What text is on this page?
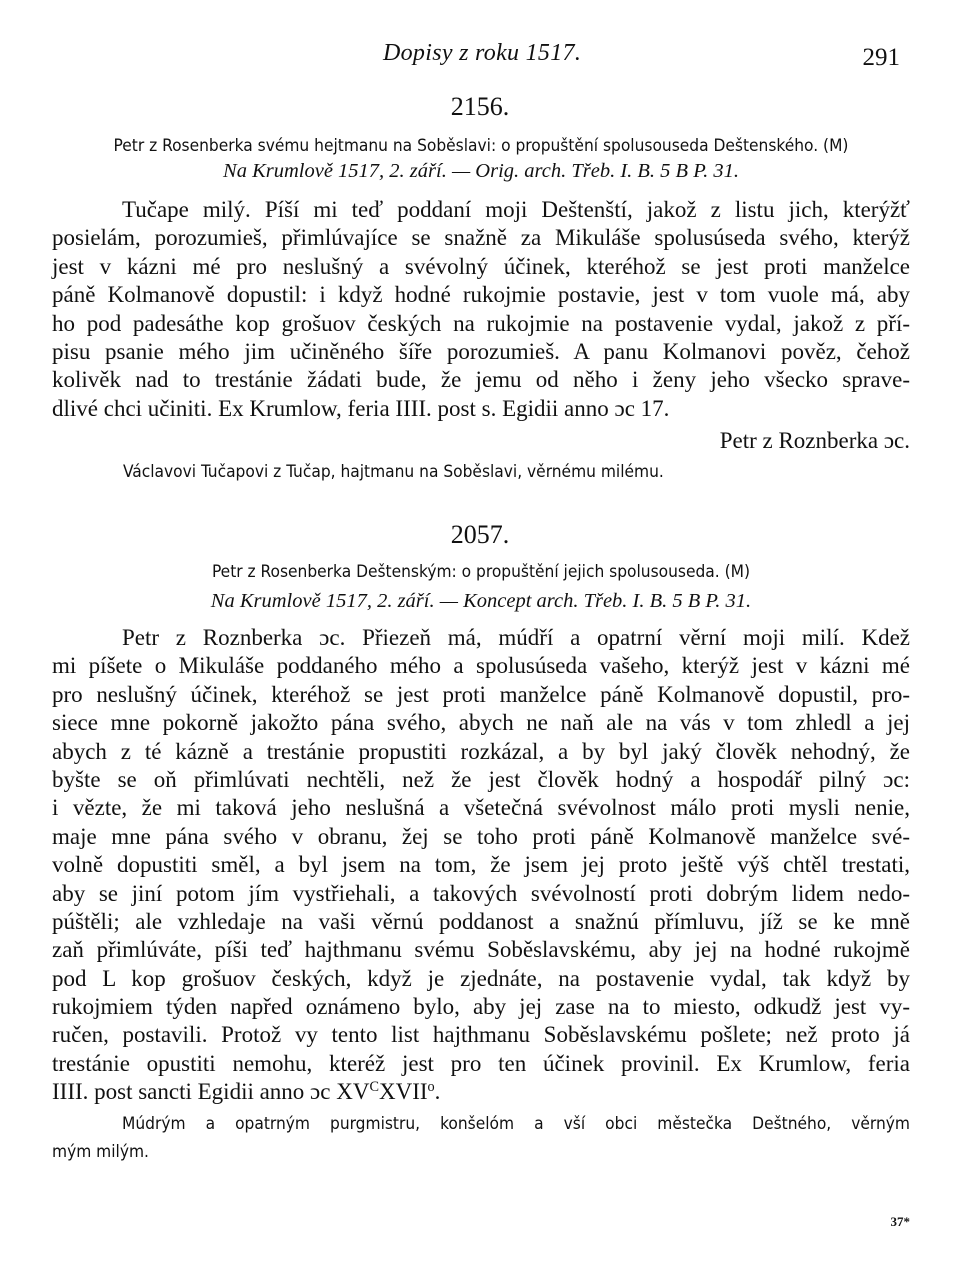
Dopisy z roku 1517.	291
2156.
Petr z Rosenberka svému hejtmanu na Soběslavi: o propuštění spolusouseda Deštenského. (M)
Na Krumlově 1517, 2. září. — Orig. arch. Třeb. I. B. 5 B P. 31.
Tučape milý. Píší mi teď poddaní moji Deštenští, jakož z listu jich, kterýžť
posielám, porozumieš, přimlúvajíce se snažně za Mikuláše spolusúseda svého, kterýž
jest v kázni mé pro neslušný a svévolný účinek, kteréhož se jest proti manželce
páně Kolmanově dopustil: i když hodné rukojmie postavie, jest v tom vuole má, aby
ho pod padesáthe kop grošuov českých na rukojmie na postavenie vydal, jakož z pří-
pisu psanie mého jim učiněného šíře porozumieš. A panu Kolmanovi pověz, čehož
kolivěk nad to trestánie žádati bude, že jemu od něho i ženy jeho všecko sprave-
dlivé chci učiniti. Ex Krumlow, feria IIII. post s. Egidii anno ɔc 17.
Petr z Roznberka ɔc.
Václavovi Tučapovi z Tučap, hajtmanu na Soběslavi, věrnému milému.
2057.
Petr z Rosenberka Deštenským: o propuštění jejich spolusouseda. (M)
Na Krumlově 1517, 2. září. — Koncept arch. Třeb. I. B. 5 B P. 31.
Petr z Roznberka ɔc. Přiezeň má, múdří a opatrní věrní moji milí. Kdež
mi píšete o Mikuláše poddaného mého a spolusúseda vašeho, kterýž jest v kázni mé
pro neslušný účinek, kteréhož se jest proti manželce páně Kolmanově dopustil, pro-
siece mne pokorně jakožto pána svého, abych ne naň ale na vás v tom zhledl a jej
abych z té kázně a trestánie propustiti rozkázal, a by byl jaký člověk nehodný, že
byšte se oň přimlúvati nechtěli, než že jest člověk hodný a hospodář pilný ɔc:
i vězte, že mi taková jeho neslušná a všetečná svévolnost málo proti mysli nenie,
maje mne pána svého v obranu, žej se toho proti páně Kolmanově manželce své-
volně dopustiti směl, a byl jsem na tom, že jsem jej proto ještě výš chtěl trestati,
aby se jiní potom jím vystřiehali, a takových svévolností proti dobrým lidem nedo-
púštěli; ale vzhledaje na vaši věrnú poddanost a snažnú přímluvu, jíž se ke mně
zaň přimlúváte, píši teď hajthmanu svému Soběslavskému, aby jej na hodné rukojmě
pod L kop grošuov českých, když je zjednáte, na postavenie vydal, tak když by
rukojmiem týden napřed oznámeno bylo, aby jej zase na to miesto, odkudž jest vy-
ručen, postavili. Protož vy tento list hajthmanu Soběslavskému pošlete; než proto já
trestánie opustiti nemohu, kteréž jest pro ten účinek provinil. Ex Krumlow, feria
IIII. post sancti Egidii anno ɔc $XV^CXVII^o$.
Múdrým a opatrným purgmistru, konšelóm a vší obci městečka Deštného, věrným
mým milým.
37*
